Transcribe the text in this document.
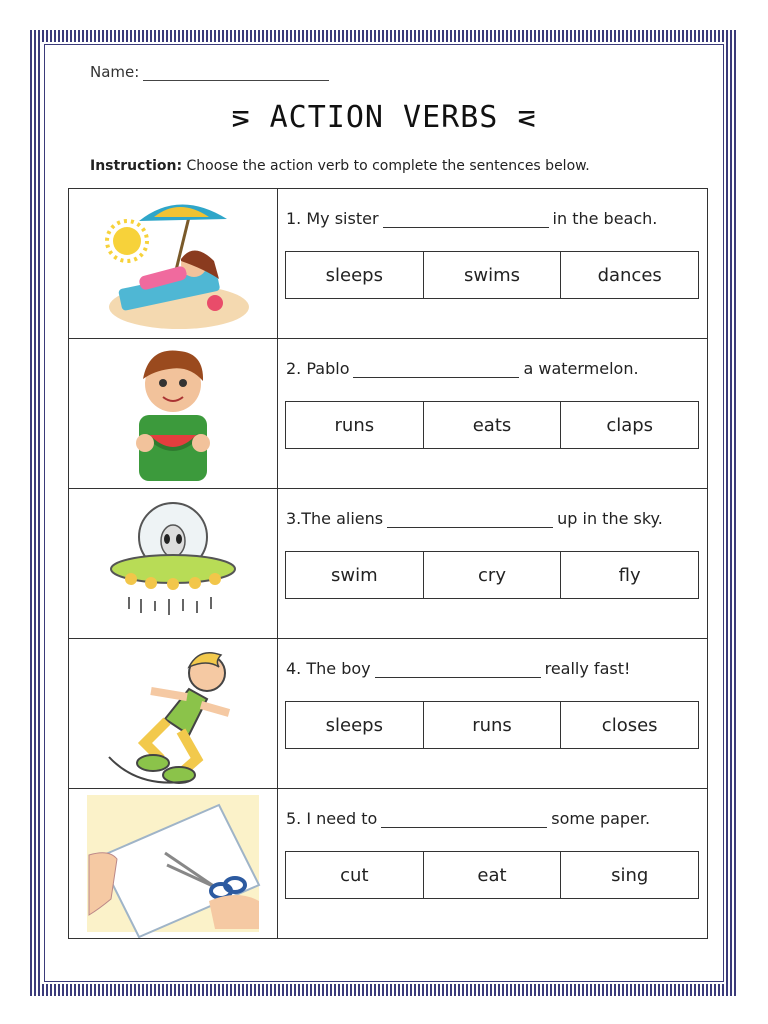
Name:
⋝ ACTION VERBS ⋜
Instruction: Choose the action verb to complete the sentences below.

1. My sister in the beach.
sleeps swims dances

2. Pablo a watermelon.
runs eats claps

3.The aliens up in the sky.
swim cry fly

4. The boy really fast!
sleeps runs closes

5. I need to some paper.
cut eat sing
